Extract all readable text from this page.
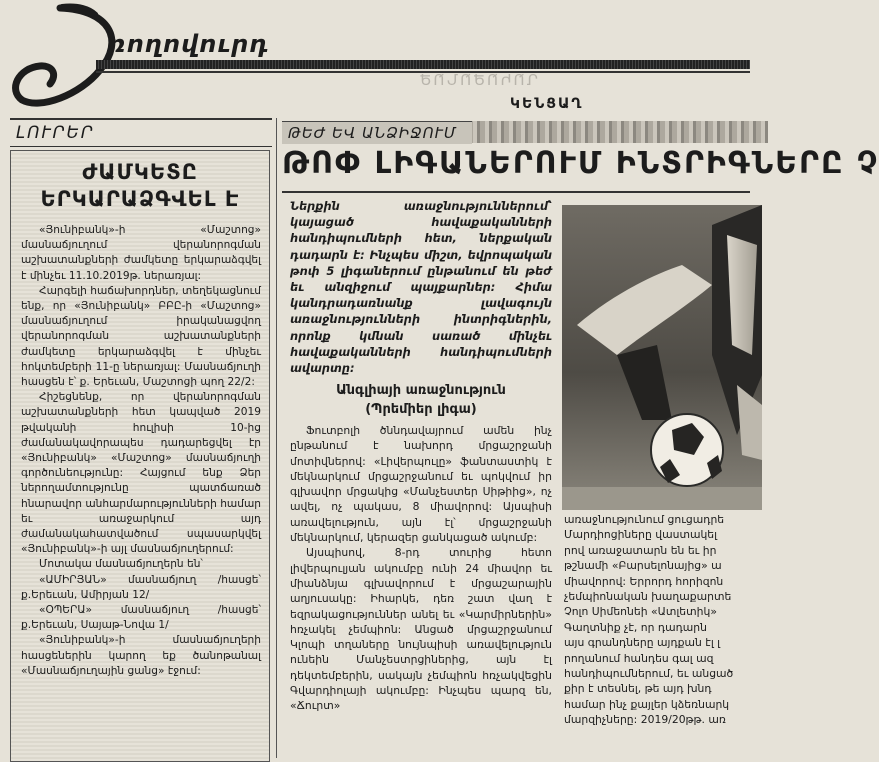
ռողովուրդ
ՔԱՂԱՔԱԿԱՆ
ԿԵՆՑԱՂ
ԼՈՒՐԵՐ
ԺԱՄԿԵՏԸ
ԵՐԿԱՐԱՁԳՎԵԼ Է

«Յունիբանկ»-ի «Մաշտոց» մասնաճյուղում վերանորոգման աշխատանքների ժամկետը երկարաձգվել է մինչեւ 11.10.2019թ. ներառյալ:

Հարգելի հաճախորդներ, տեղեկացնում ենք, որ «Յունիբանկ» ԲԲԸ-ի «Մաշտոց» մասնաճյուղում իրականացվող վերանորոգման աշխատանքների ժամկետը երկարաձգվել է մինչեւ հոկտեմբերի 11-ը ներառյալ: Մասնաճյուղի հասցեն է՝ ք. Երեւան, Մաշտոցի պող 22/2:

Հիշեցնենք, որ վերանորոգման աշխատանքների հետ կապված 2019 թվականի հուլիսի 10-ից ժամանակավորապես դադարեցվել էր «Յունիբանկ» «Մաշտոց» մասնաճյուղի գործունեությունը: Հայցում ենք Ձեր ներողամտությունը պատճառած հնարավոր անհարմարությունների համար եւ առաջարկում այդ ժամանակահատվածում սպասարկվել «Յունիբանկ»-ի այլ մասնաճյուղերում:

Մոտակա մասնաճյուղերն են՝

«ԱՄԻՐՅԱՆ» մասնաճյուղ /հասցե՝ ք.Երեւան, Ամիրյան 12/

«ՕՊԵՐԱ» մասնաճյուղ /հասցե՝ ք.Երեւան, Սայաթ-Նովա 1/

«Յունիբանկ»-ի մասնաճյուղերի հասցեներին կարող եք ծանոթանալ «Մասնաճյուղային ցանց» էջում:

ԹԵԺ ԵՎ ԱՆՁԻՋՈՒՄ
ԹՈՓ ԼԻԳԱՆԵՐՈՒՄ ԻՆՏՐԻԳՆԵՐԸ Չ
Ներքին առաջնություններում՝ կայացած հավաքականների հանդիպումների հետ, ներքական դադարն է: Ինչպես միշտ, եվրոպական թոփ 5 լիգաներում ընթանում են թեժ եւ անզիջում պայքարներ: Հիմա կանդրադառնանք լավագույն առաջնությունների ինտրիգներին, որոնք կմնան սառած մինչեւ հավաքականների հանդիպումների ավարտը:
Անգլիայի առաջնություն
(Պրեմիեր լիգա)

Ֆուտբոլի ծննդավայրում ամեն ինչ ընթանում է նախորդ մրցաշրջանի մոտիվներով: «Լիվերպուլը» ֆանտաստիկ է մեկնարկում մրցաշրջանում եւ պոկվում իր գլխավոր մրցակից «Մանչեստեր Սիթիից», ոչ ավել, ոչ պակաս, 8 միավորով: Այսպիսի առավելություն, այն էլ՝ մրցաշրջանի մեկնարկում, կերազեր ցանկացած ակումբ:

Այսպիսով, 8-րդ տուրից հետո լիվերպուլյան ակումբը ունի 24 միավոր եւ միանձնյա գլխավորում է մրցաշարային աղյուսակը: Իհարկե, դեռ շատ վաղ է եզրակացություններ անել եւ «Կարմիրներին» հռչակել չեմպիոն: Անցած մրցաշրջանում Կլոպի տղաները նույնպիսի առավելություն ունեին Մանչեստրցիներից, այն էլ դեկտեմբերին, սակայն չեմպիոն հռչակվեցին Գվարդիոլայի ակումբը: Ինչպես պարզ են, «Ճուրտ»

առաջնությունում ցուցադրե
Մարդիոցիները վաստակել
րով առաջատարն են եւ իր
թշնամի «Բարսելոնայից» ա
միավորով: Երրորդ հորիզոն
չեմպիոնական խաղաքարտե
Չոլո Սիմեոնեի «Ատլետիկ»
Գաղտնիք չէ, որ դադարն
այս գրանդները այդքան էլ լ
րողանում հանդես գալ ազ
հանդիպումներում, եւ անցած
քիր է տեսնել, թե այդ խնդ
համար ինչ քայլեր կձեռնարկ
մարզիչները: 2019/20թթ. առ
